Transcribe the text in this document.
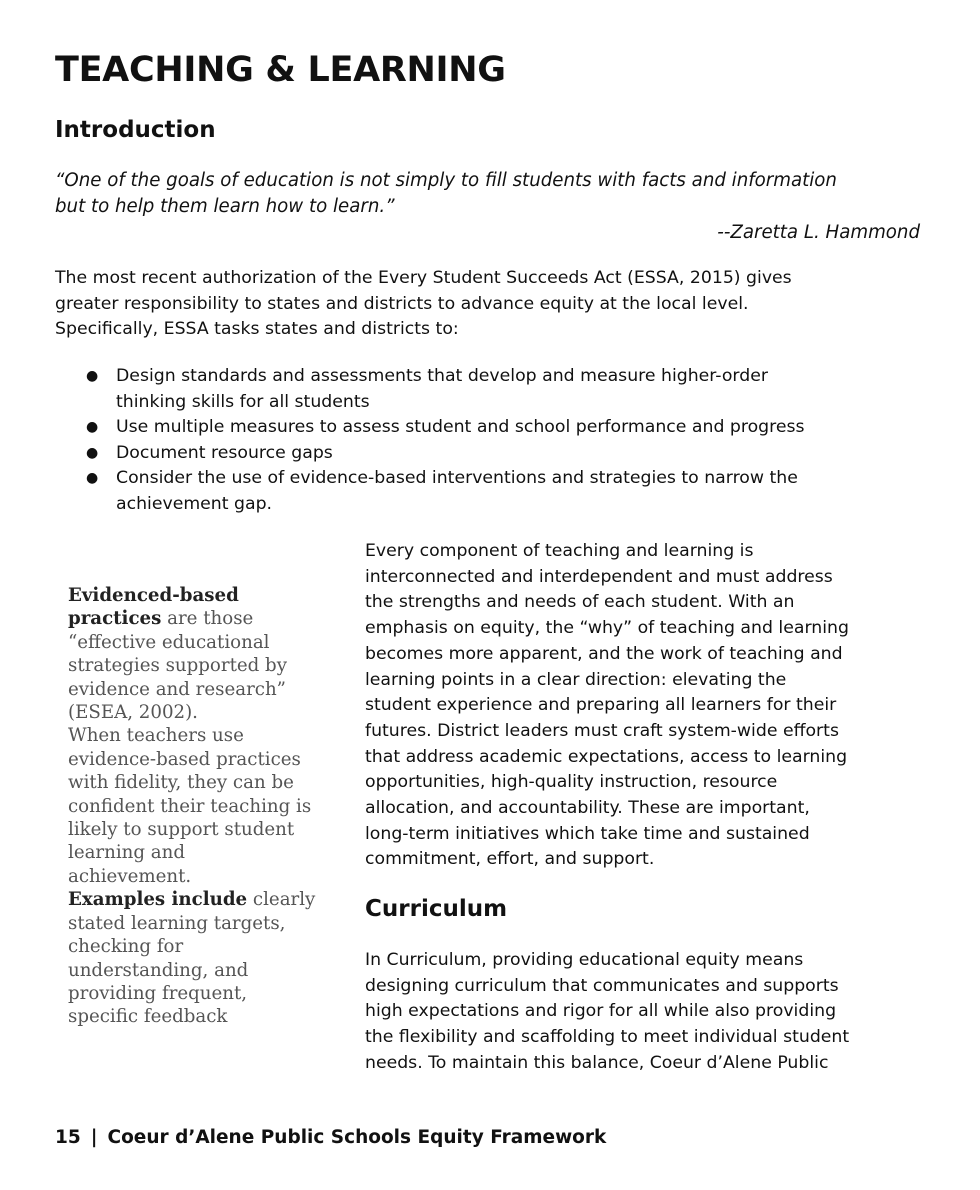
TEACHING & LEARNING
Introduction

“One of the goals of education is not simply to fill students with facts and information
but to help them learn how to learn.”

--Zaretta L. Hammond

The most recent authorization of the Every Student Succeeds Act (ESSA, 2015) gives
greater responsibility to states and districts to advance equity at the local level.
Specifically, ESSA tasks states and districts to:

● Design standards and assessments that develop and measure higher-order
thinking skills for all students
● Use multiple measures to assess student and school performance and progress
● Document resource gaps
● Consider the use of evidence-based interventions and strategies to narrow the
achievement gap.
Evidenced-based
practices are those
“effective educational
strategies supported by
evidence and research”
(ESEA, 2002).
When teachers use
evidence-based practices
with fidelity, they can be
confident their teaching is
likely to support student
learning and
achievement.
Examples include clearly
stated learning targets,
checking for
understanding, and
providing frequent,
specific feedback

Every component of teaching and learning is
interconnected and interdependent and must address
the strengths and needs of each student. With an
emphasis on equity, the “why” of teaching and learning
becomes more apparent, and the work of teaching and
learning points in a clear direction: elevating the
student experience and preparing all learners for their
futures. District leaders must craft system-wide efforts
that address academic expectations, access to learning
opportunities, high-quality instruction, resource
allocation, and accountability. These are important,
long-term initiatives which take time and sustained
commitment, effort, and support.

Curriculum

In Curriculum, providing educational equity means
designing curriculum that communicates and supports
high expectations and rigor for all while also providing
the flexibility and scaffolding to meet individual student
needs. To maintain this balance, Coeur d’Alene Public

15 | Coeur d’Alene Public Schools Equity Framework
